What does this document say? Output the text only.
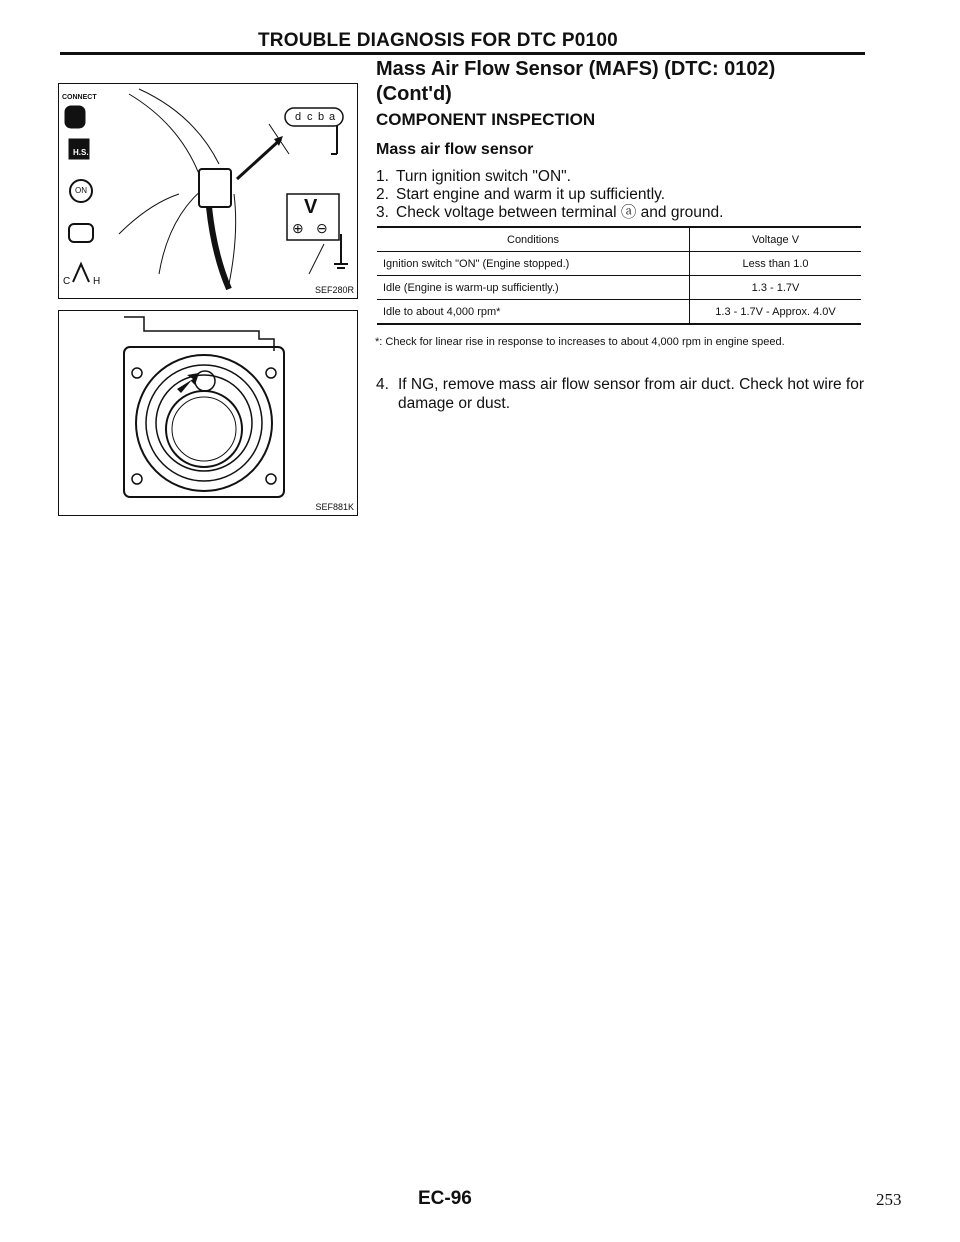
TROUBLE DIAGNOSIS FOR DTC P0100
Mass Air Flow Sensor (MAFS) (DTC: 0102) (Cont'd)
CONNECT
H.S.
ON
C H
d c b a
V
⊕ ⊖
SEF280R
SEF881K
COMPONENT INSPECTION
Mass air flow sensor
1. Turn ignition switch "ON".
2. Start engine and warm it up sufficiently.
3. Check voltage between terminal ⓐ and ground.
Conditions	Voltage V
Ignition switch "ON" (Engine stopped.)	Less than 1.0
Idle (Engine is warm-up sufficiently.)	1.3 - 1.7V
Idle to about 4,000 rpm*	1.3 - 1.7V - Approx. 4.0V
*: Check for linear rise in response to increases to about 4,000 rpm in engine speed.
4. If NG, remove mass air flow sensor from air duct. Check hot wire for damage or dust.
EC-96	253
